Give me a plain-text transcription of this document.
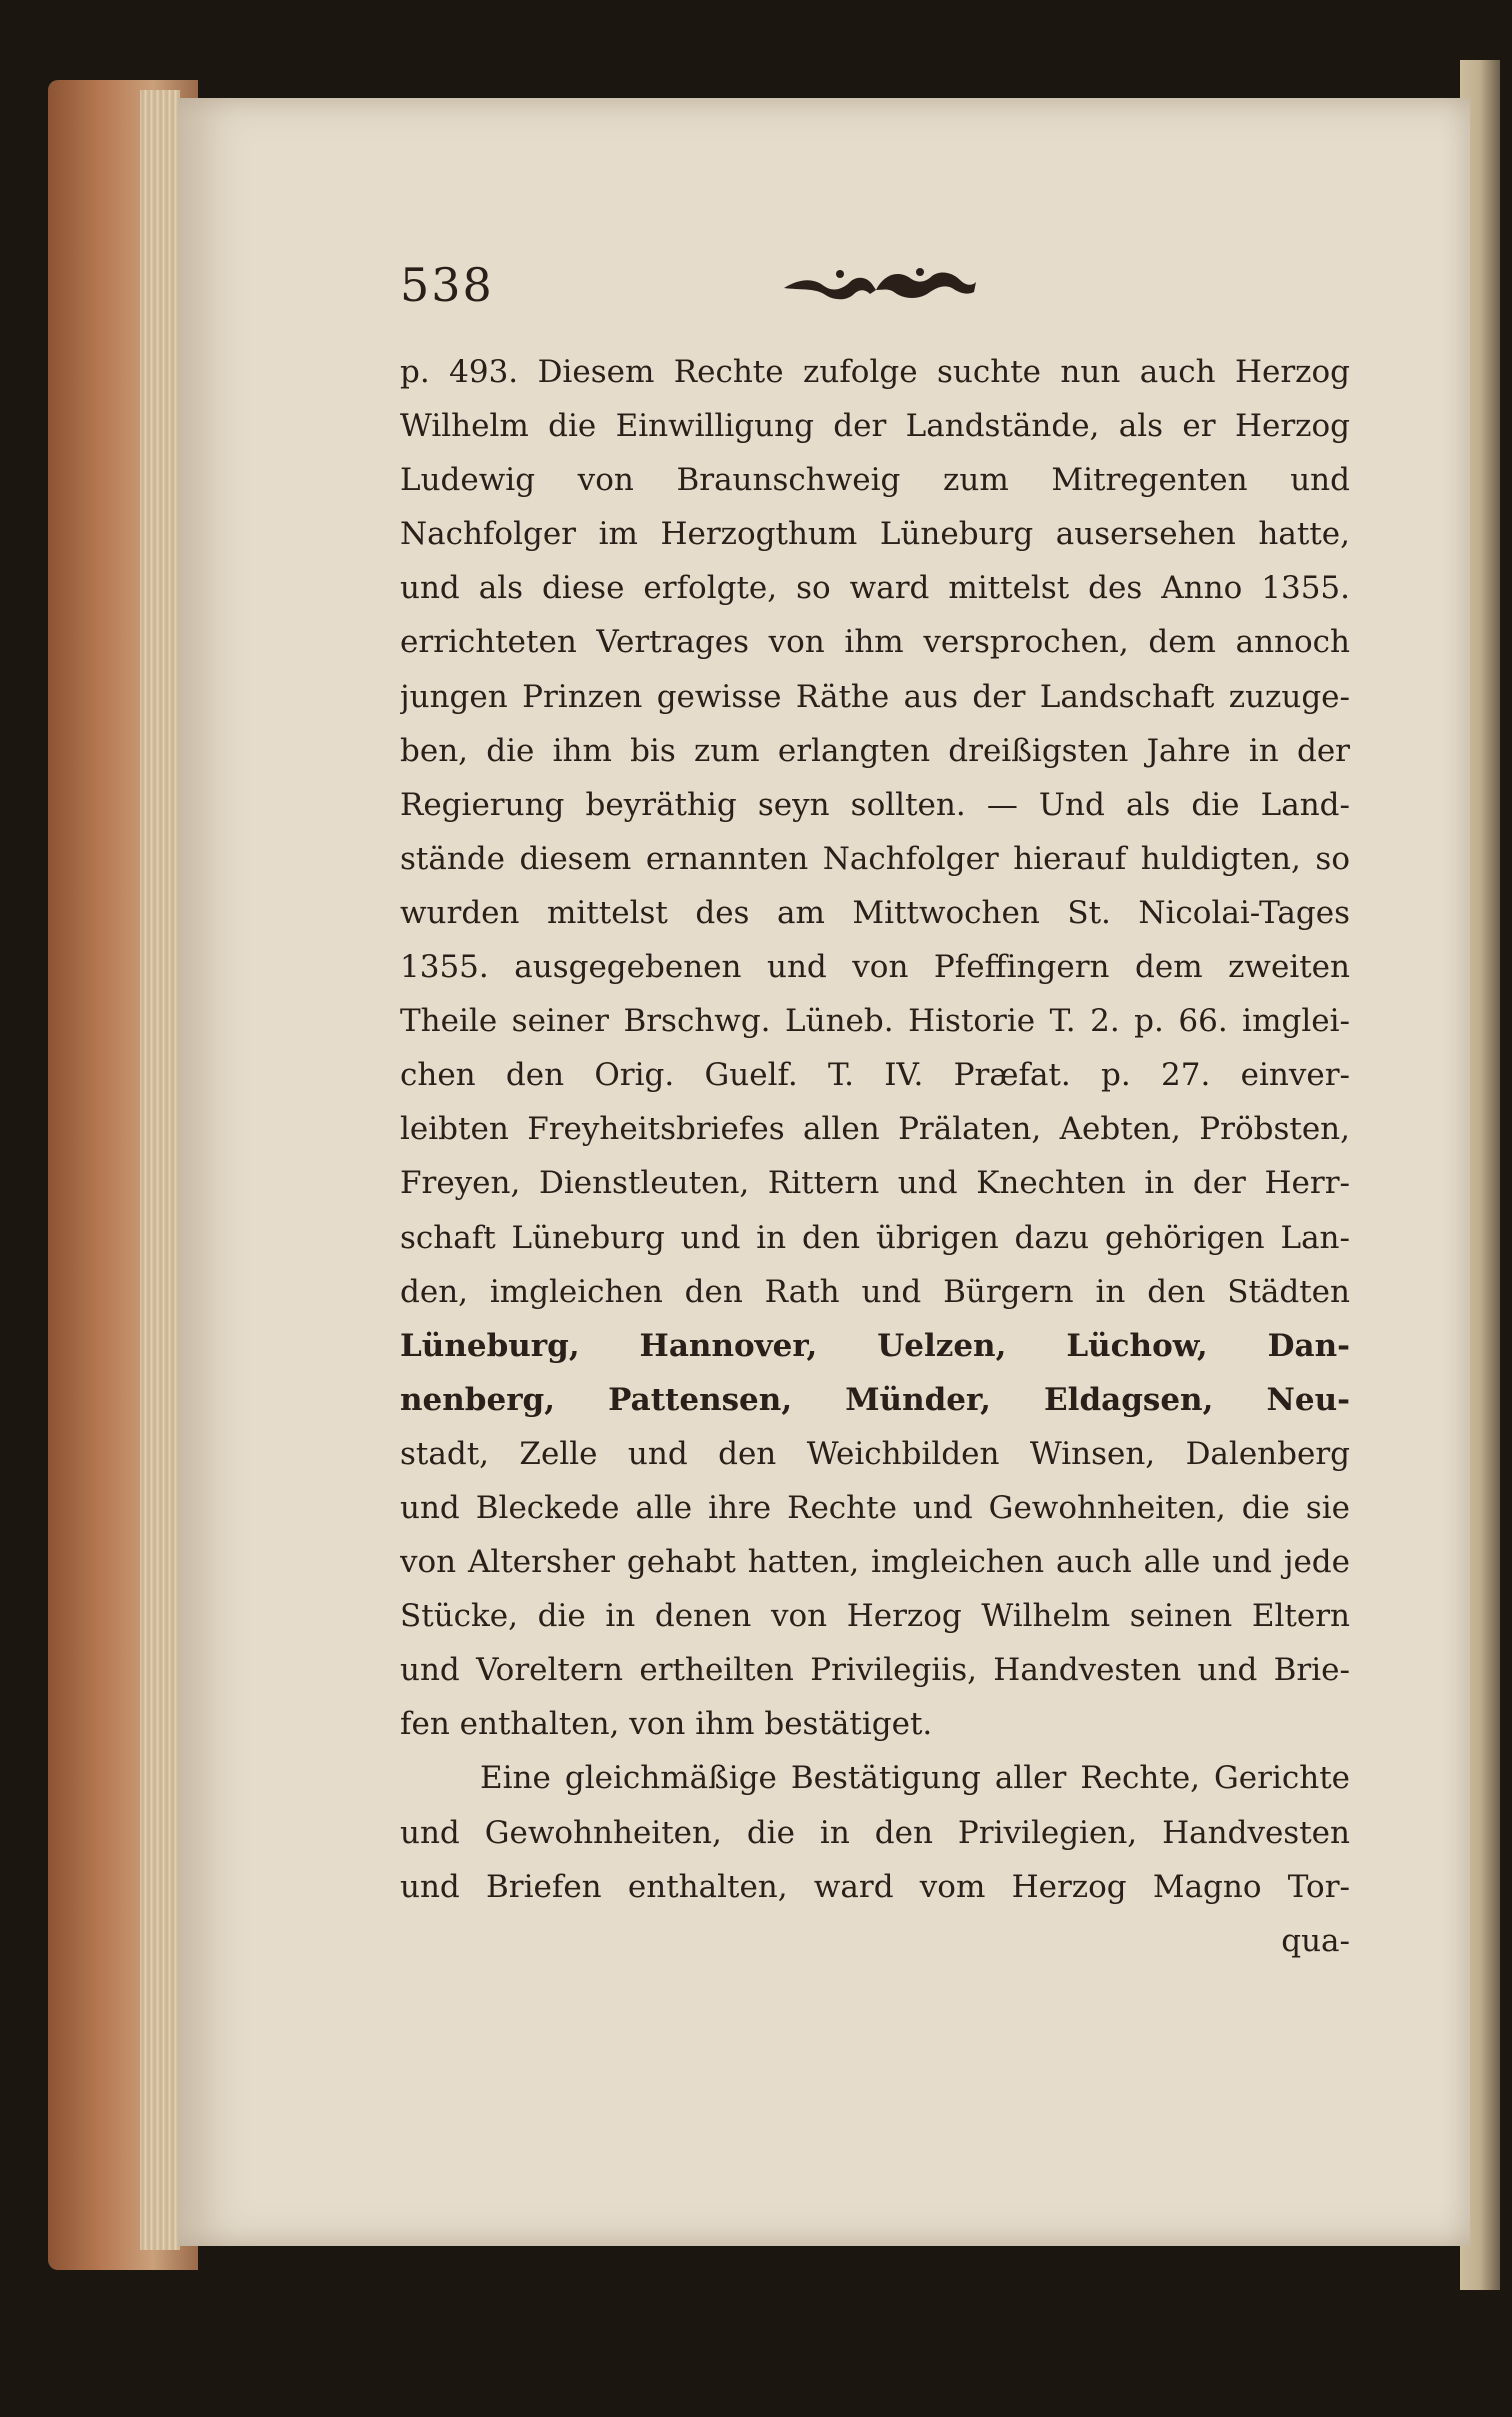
538
p. 493. Diesem Rechte zufolge suchte nun auch Herzog
Wilhelm die Einwilligung der Landstände, als er Herzog
Ludewig von Braunschweig zum Mitregenten und
Nachfolger im Herzogthum Lüneburg ausersehen hatte,
und als diese erfolgte, so ward mittelst des Anno 1355.
errichteten Vertrages von ihm versprochen, dem annoch
jungen Prinzen gewisse Räthe aus der Landschaft zuzuge-
ben, die ihm bis zum erlangten dreißigsten Jahre in der
Regierung beyräthig seyn sollten. — Und als die Land-
stände diesem ernannten Nachfolger hierauf huldigten, so
wurden mittelst des am Mittwochen St. Nicolai-Tages
1355. ausgegebenen und von Pfeffingern dem zweiten
Theile seiner Brschwg. Lüneb. Historie T. 2. p. 66. imglei-
chen den Orig. Guelf. T. IV. Præfat. p. 27. einver-
leibten Freyheitsbriefes allen Prälaten, Aebten, Pröbsten,
Freyen, Dienstleuten, Rittern und Knechten in der Herr-
schaft Lüneburg und in den übrigen dazu gehörigen Lan-
den, imgleichen den Rath und Bürgern in den Städten
Lüneburg, Hannover, Uelzen, Lüchow, Dan-
nenberg, Pattensen, Münder, Eldagsen, Neu-
stadt, Zelle und den Weichbilden Winsen, Dalenberg
und Bleckede alle ihre Rechte und Gewohnheiten, die sie
von Altersher gehabt hatten, imgleichen auch alle und jede
Stücke, die in denen von Herzog Wilhelm seinen Eltern
und Voreltern ertheilten Privilegiis, Handvesten und Brie-
fen enthalten, von ihm bestätiget.
Eine gleichmäßige Bestätigung aller Rechte, Gerichte
und Gewohnheiten, die in den Privilegien, Handvesten
und Briefen enthalten, ward vom Herzog Magno Tor-
qua-
